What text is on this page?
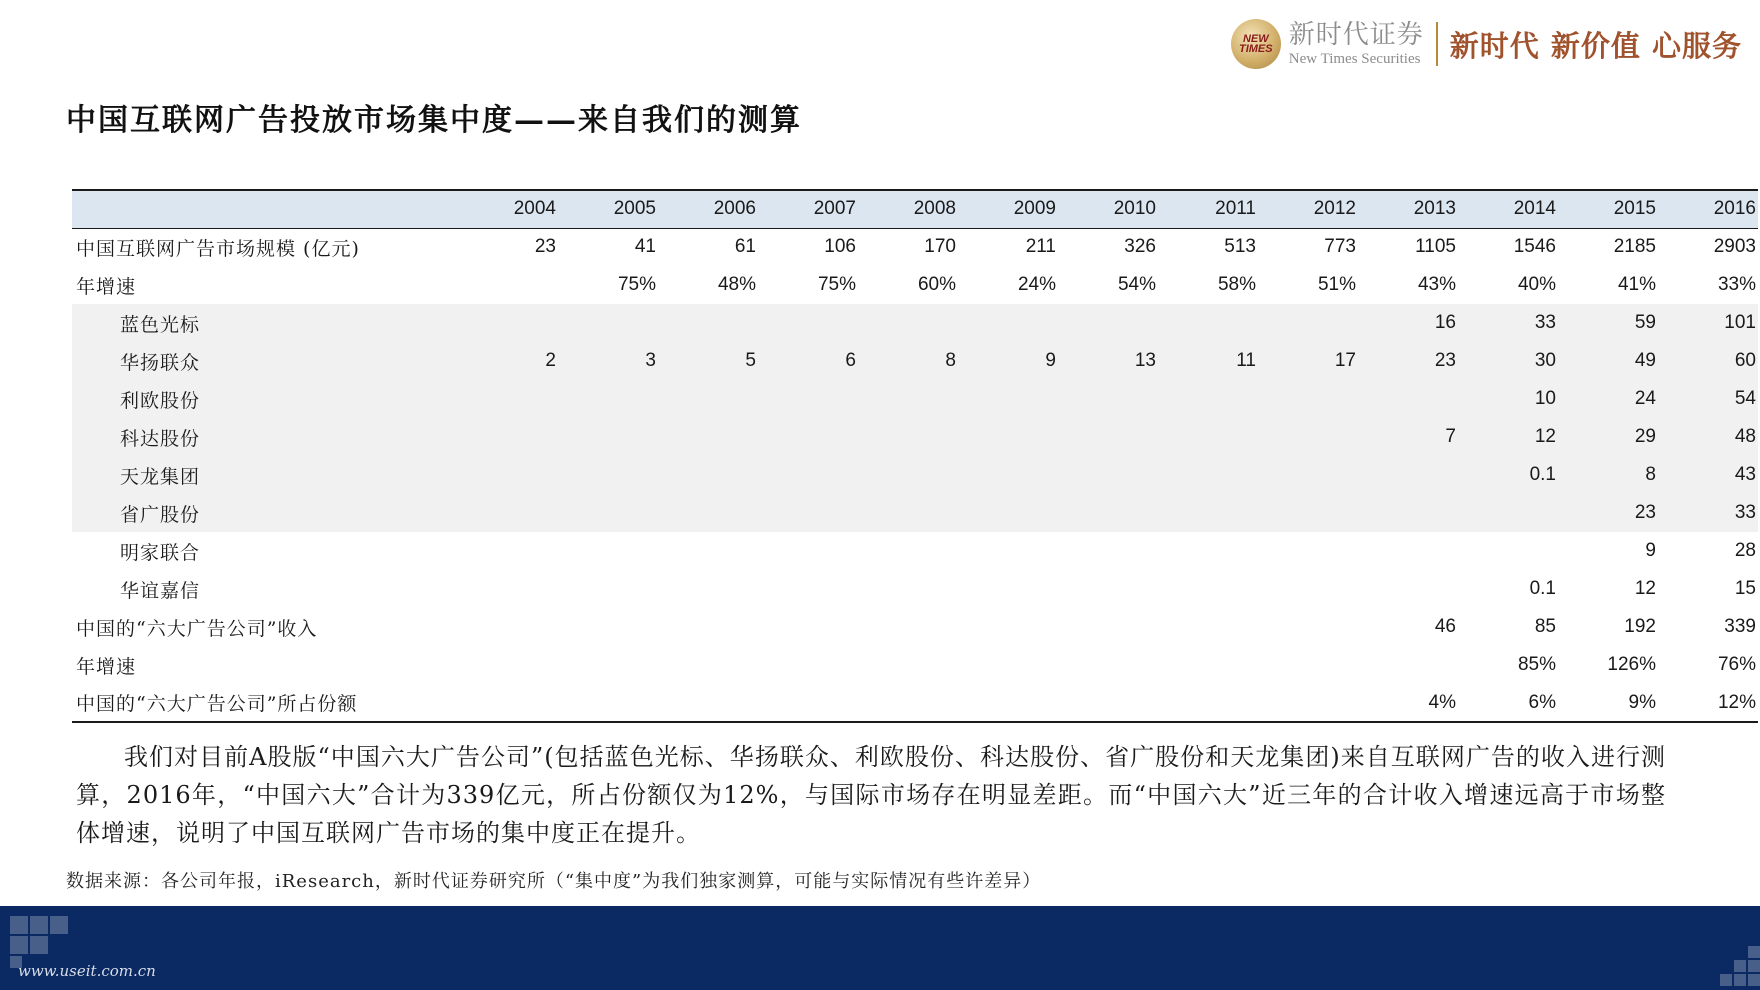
NEW
TIMES 新时代证券
New Times Securities 新时代 新价值 心服务
中国互联网广告投放市场集中度——来自我们的测算
	2004	2005	2006	2007	2008	2009	2010	2011	2012	2013	2014	2015	2016
中国互联网广告市场规模 (亿元)	23	41	61	106	170	211	326	513	773	1105	1546	2185	2903
年增速		75%	48%	75%	60%	24%	54%	58%	51%	43%	40%	41%	33%
蓝色光标										16	33	59	101
华扬联众	2	3	5	6	8	9	13	11	17	23	30	49	60
利欧股份											10	24	54
科达股份										7	12	29	48
天龙集团											0.1	8	43
省广股份												23	33
明家联合												9	28
华谊嘉信											0.1	12	15
中国的“六大广告公司”收入										46	85	192	339
年增速											85%	126%	76%
中国的“六大广告公司”所占份额										4%	6%	9%	12%

我们对目前A股版“中国六大广告公司”(包括蓝色光标、华扬联众、利欧股份、科达股份、省广股份和天龙集团)来自互联网广告的收入进行测算，2016年，“中国六大”合计为339亿元，所占份额仅为12%，与国际市场存在明显差距。而“中国六大”近三年的合计收入增速远高于市场整体增速，说明了中国互联网广告市场的集中度正在提升。

数据来源：各公司年报，iResearch，新时代证券研究所（“集中度”为我们独家测算，可能与实际情况有些许差异）
www.useit.com.cn
